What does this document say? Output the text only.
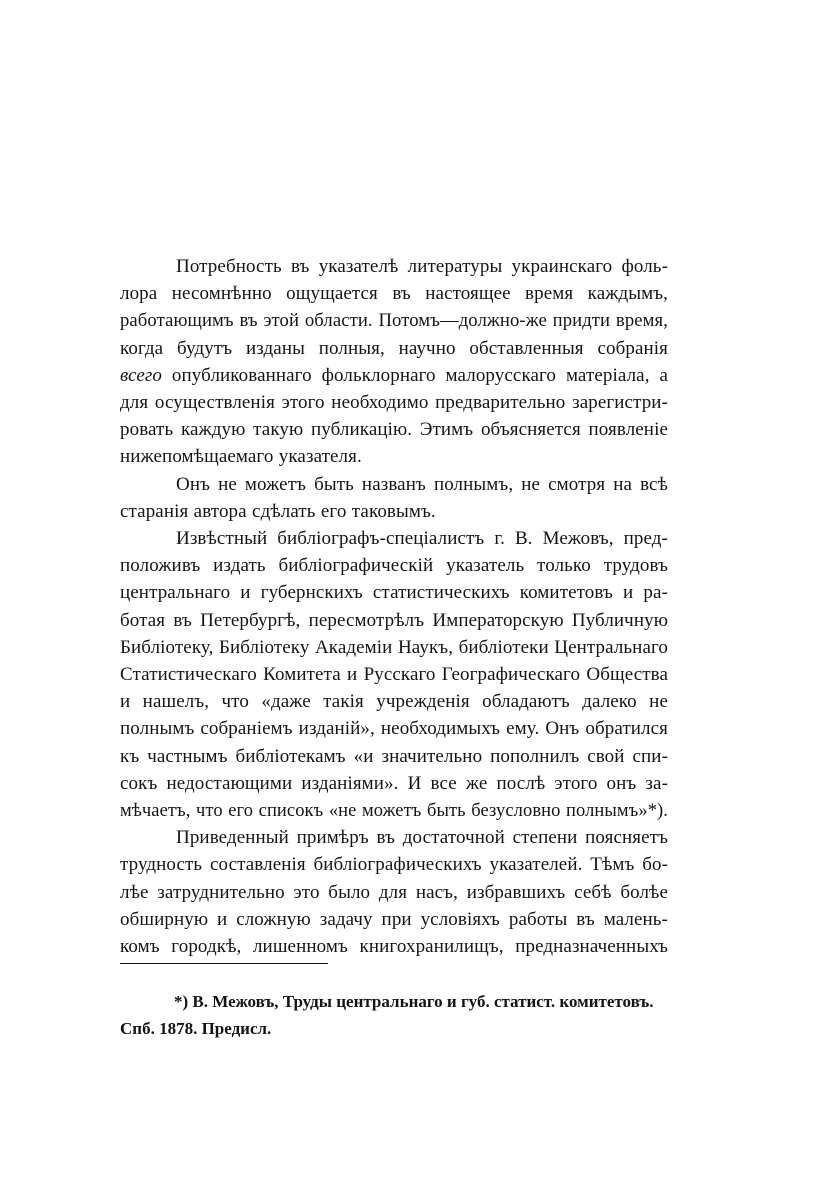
Потребность въ указателѣ литературы украинскаго фоль-
лора несомнѣнно ощущается въ настоящее время каждымъ,
работающимъ въ этой области. Потомъ—должно-же придти время,
когда будутъ изданы полныя, научно обставленныя собранія
всего опубликованнаго фольклорнаго малорусскаго матеріала, а
для осуществленія этого необходимо предварительно зарегистри-
ровать каждую такую публикацію. Этимъ объясняется появленіе
нижепомѣщаемаго указателя.

Онъ не можетъ быть названъ полнымъ, не смотря на всѣ
старанія автора сдѣлать его таковымъ.

Извѣстный библіографъ-спеціалистъ г. В. Межовъ, пред-
положивъ издать библіографическій указатель только трудовъ
центральнаго и губернскихъ статистическихъ комитетовъ и ра-
ботая въ Петербургѣ, пересмотрѣлъ Императорскую Публичную
Библіотеку, Библіотеку Академіи Наукъ, библіотеки Центральнаго
Статистическаго Комитета и Русскаго Географическаго Общества
и нашелъ, что «даже такія учрежденія обладаютъ далеко не
полнымъ собраніемъ изданій», необходимыхъ ему. Онъ обратился
къ частнымъ библіотекамъ «и значительно пополнилъ свой спи-
сокъ недостающими изданіями». И все же послѣ этого онъ за-
мѣчаетъ, что его списокъ «не можетъ быть безусловно полнымъ»*).

Приведенный примѣръ въ достаточной степени поясняетъ
трудность составленія библіографическихъ указателей. Тѣмъ бо-
лѣе затруднительно это было для насъ, избравшихъ себѣ болѣе
обширную и сложную задачу при условіяхъ работы въ малень-
комъ городкѣ, лишенномъ книгохранилищъ, предназначенныхъ

*) В. Межовъ, Труды центральнаго и губ. статист. комитетовъ.
Спб. 1878. Предисл.
